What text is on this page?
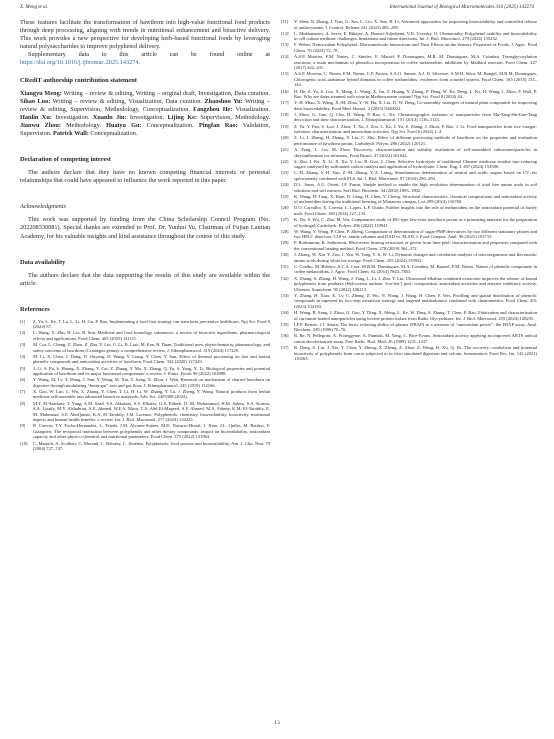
X. Meng et al.	International Journal of Biological Macromolecules 310 (2025) 143274

These features facilitate the transformation of hawthorn into high-value functional food products through deep processing, aligning with trends in nutritional enhancement and bioactive delivery. This work provides a new perspective for developing herb-based functional foods by leveraging natural polysaccharides to improve polyphenol delivery.

Supplementary data to this article can be found online at https://doi.org/10.1016/j.ijbiomac.2025.143274.

CRediT authorship contribution statement

Xiangyu Meng: Writing – review & editing, Writing – original draft, Investigation, Data curation. Sihao Luo: Writing – review & editing, Visualization, Data curation. Zhaoshuo Yu: Writing – review & editing, Supervision, Methodology, Conceptualization. Fangzhou He: Visualization. Hanlin Xu: Investigation. Xuanlu Jin: Investigation. Lijing Ke: Supervision, Methodology. Jianwu Zhou: Methodology. Huaiyu Gu: Conceptualization. Pingfan Rao: Validation, Supervision. Patrick Wall: Conceptualization.

Declaration of competing interest

The authors declare that they have no known competing financial interests or personal relationships that could have appeared to influence the work reported in this paper.

Acknowledgments

This work was supported by funding from the China Scholarship Council Program (No. 202208330081). Special thanks are extended to Prof. Dr. Yunhui Yu, Chairman of Fujian Lantian Academy, for his valuable insights and kind assistance throughout the course of this study.

Data availability

The authors declare that the data supporting the results of this study are available within the article.

References
[1]	Z. Yu, L. Ke, T. Lu, L. Li, H. Gu, P. Rao, Implementing a food first strategy can transform preventive healthcare, Npj Sci. Food 8 (2024) 57.
[2]	L. Wang, X. Zhu, H. Liu, B. Sun, Medicine and food homology substances: a review of bioactive ingredients, pharmacological effects and applications, Food Chem. 463 (2025) 141111.
[3]	M. Cui, L. Cheng, Z. Zhou, Z. Zhu, Y. Liu, C. Li, B. Liao, M. Fan, B. Duan, Traditional uses, phytochemistry, pharmacology, and safety concerns of hawthorn (Crataegus genus): a comprehensive review, J. Ethnopharmacol. 319 (2024) 117229.
[4]	M. Li, X. Chen, J. Deng, D. Ouyang, D. Wang, Y. Liang, Y. Chen, Y. Sun, Effect of thermal processing on free and bound phenolic compounds and antioxidant activities of hawthorn, Food Chem. 332 (2020) 127429.
[5]	J. Li, S. Pu, S. Huang, X. Zhang, Y. Cai, Z. Zhang, Y. Ma, X. Zhang, Q. Yu, S. Yang, X. Li, Biological properties and potential application of hawthorn and its major functional components: a review, J. Funct. Foods 90 (2022) 104988.
[6]	Y. Wang, M. Lv, T. Wang, J. Sun, Y. Wang, M. Xia, Y. Jiang, X. Zhou, J. Wan, Research on mechanism of charred hawthorn on digestive through modulating “brain-gut” axis and gut flora, J. Ethnopharmacol. 245 (2019) 112166.
[7]	X. Gao, W. Luo, L. Wu, X. Zhang, Y. Chen, T. Li, H. Li, W. Zhang, Y. Lu, J. Zheng, Y. Wang, Natural products from herbal medicine self-assemble into advanced bioactive materials, Adv. Sci. 2403388 (2024).
[8]	M.T. El-Saadony, T. Yang, A.M. Saad, S.S. Alkafaas, S.S. Elkafas, G.S. Eldeeb, D. M. Mohammed, H.M. Salem, S.A. Korma, S.A. Loutfy, M.Y. Alshahran, A.E. Ahmed, W.F.A. Mosa, T.A. Abd El-Mageed, A.F. Ahmed, M.A. Fahmy, K.M. El-Tarabily, E. M. Mahmoud, S.F. AbuQamar, K.A. El-Tarabily, J.M. Lorenzo, Polyphenols: chemistry, bioavailability, bioactivity, nutritional aspects and human health benefits: a review, Int. J. Biol. Macromol. 277 (2024) 134223.
[9]	B. Cuevas, T.Y. Fochs-Hernandez, L. Tejeda, J.M. Álvarez-Suárez, M.D. Navarro-Hortal, J. Xiao, J.L. Quiles, M. Battino, F. Giampieri, The reciprocal interaction between polyphenols and other dietary compounds: impact on bioavailability, antioxidant capacity and other physico-chemical and nutritional parameters, Food Chem. 375 (2022) 131904.
[10]	C. Manach, A. Scalbert, C. Morand, C. Rémésy, L. Jiménez, Polyphenols: food sources and bioavailability, Am. J. Clin. Nutr. 79 (2004) 727–747.
[11]	Y. Shen, N. Zhang, J. Tian, G. Xin, L. Liu, X. Sun, B. Li, Advanced approaches for improving bioavailability and controlled release of anthocyanins, J. Control. Release 341 (2022) 285–299.
[12]	L. Mukhametov, A. Sezer, E. Bikajee, A. Hounsi-Adjedjemi, V.N. Uversky, O. Olumuoniby, Polyphenol stability and bioavailability in cell culture medium: challenges, limitations and future directions, Int. J. Biol. Macromol. 279 (2024) 135232.
[13]	F. Weber, Noncovalent Polyphenol–Macromolecule Interactions and Their Effects on the Sensory Properties of Foods, J. Agric. Food Chem. 70 (2022) 72–78.
[14]	A.S.P. Moreira, F.M. Nunes, C. Simões, E. Maciel, P. Domingues, M.R. M. Domingues, M.A. Coimbra, Transglycosylation reactions, a main mechanism of phenolics incorporation in coffee melanoidins: inhibition by Maillard reaction, Food Chem. 227 (2017) 422–431.
[15]	A.S.P. Moreira, C. Nunes, F.M. Nunes, C.P. Passos, S.A.O. Santos, A.J. D. Silvestre, A.M.H. Silva, M. Rangel, M.R.M. Domingues, Chlorogenic acid–arabinose hybrid domains in coffee melanoidins: evidences from a model system, Food Chem. 185 (2015) 135–144.
[16]	H. He, Z. Yu, S. Luo, X. Meng, L. Wang, X. Jin, Z. Huang, Y. Zhang, P. Deng, W. Ke, Deng, L. Ke, H. Wang, J. Zhou, P. Wall, P. Rao, Why are dates steamed with wine in Mediterranean cuisine? Npj Sci. Food 8 (2024) 44.
[17]	Y.-H. Miao, X. Wang, X.-M. Zhao, Y.-W. Hu, X. Liu, D.-W. Deng, Co-assembly strategies of natural plant compounds for improving their bioavailability, Food Med. Homol. 2 (2025) 9420022.
[18]	J. Zhou, G. Gao, Q. Chu, H. Wang, P. Rao, L. Ke, Chromatographic isolation of nanoparticles from Ma-Xing-Shi-Gan-Tang decoction and their characterization, J. Ethnopharmacol. 151 (2014) 1116–1123.
[19]	Z. Yu, Y. Fan, S. Luo, J. Zhou, T. Xu, J. Zou, L. Ke, J. Yu, S. Zhang, J. Zhou, P. Rao, J. Li, Food nanoparticles from rice vinegar: isolation, characterization, and antioxidant activities, Npj Sci. Food 6 (2022) 1–4.
[20]	Z. Li, J. Zhang, H. Zhang, Y. Liu, C. Zhu, Effect of different processing methods of hawthorn on the properties and evaluation performance of hawthorn pectin, Carbohydr. Polym. 286 (2022) 120121.
[21]	A. Feng, L. Lin, M. Zhou, Discovery, characterization and stability evaluation of self-assembled cubosomes/particles in chrysanthemum tea infusions, Food Biosci. 47 (2022) 101642.
[22]	S. Zhu, J. Ke, X. Li, X. Xu, Y. Liu, B. Guo, J. Chen, Selective hydrolysis of traditional Chinese medicine residue into reducing sugars catalysed by sulfonated carbon catalyst and application of hydrolysate, Chem. Eng. J. 497 (2024) 154586.
[23]	C.-H. Zhang, Y.-H. Yun, Z.-M. Zhang, Y.-Z. Liang, Simultaneous determination of neutral and acidic sugars based on UV–vis spectrometry combined with PLS, Int. J. Biol. Macromol. 87 (2016) 290–294.
[24]	D.L. Jones, A.G. Owen, J.F. Farrar, Simple method to enable the high resolution determination of total free amino acids in soil solutions and soil extracts, Soil Biol. Biochem. 34 (2002) 1893–1902.
[25]	K. Wang, H. Tang, X. Bian, D. Geng, H. Chen, Y. Cheng, Structural characteristics, chemical compositions and antioxidant activity of melanoidins during the traditional brewing of Monascus vinegar, Lwt 209 (2024) 116760.
[26]	D.O. Carvalho, E. Correia, L. Lopes, L.F. Guido, Further insights into the role of melanoidins on the antioxidant potential of barley malt, Food Chem. 160 (2014) 127–133.
[27]	K. Du, S. Wu, C. Zhu, M. Wu, Comparative study of HG-type low-ester hawthorn pectin as a promising material for the preparation of hydrogel, Carbohydr. Polym. 296 (2022) 119941.
[28]	W. Wang, Y. Wang, P. Chen, F. Zheng, Comparison of determination of sugar-PMP derivatives by two different stationary phases and two HPLC detectors: C18 vs. amide columns and DAD vs. ELSD, J. Food Compos. Anal. 96 (2021) 103715.
[29]	P. Rodsamran, R. Sothornvit, Microwave heating extraction of pectin from lime peel: characterization and properties compared with the conventional heating method, Food Chem. 278 (2019) 364–372.
[30]	J. Zhang, W. Xin, Y. Zou, J. Yan, W. Tang, Y. Ji, W. Li, Dynamic changes and correlation analysis of microorganisms and flavonoids/ amino acids during white tea storage, Food Chem. 455 (2024) 139932.
[31]	C. Coelho, M. Ribeiro, A.C.S. Cruz, M.R.M. Domingues, M.A. Coimbra, M. Bunzel, F.M. Nunes, Nature of phenolic compounds in coffee melanoidins, J. Agric. Food Chem. 62 (2014) 7843–7853.
[32]	X. Zhang, S. Zhang, H. Wang, J. Yang, L. Li, J. Zhu, Y. Liu, Ultrasound-alkaline combined extraction improves the release of bound polyphenols from pitahaya (Hylocereus undatus ‘foo-lon’) peel: composition, antioxidant activities and enzyme inhibitory activity, Ultrason. Sonochem. 90 (2022) 106213.
[33]	Y. Zhang, H. Xiao, X. Lv, C. Zheng, Z. Wu, N. Wang, J. Wang, H. Chen, F. Wei, Profiling and spatial distribution of phenolic compounds in rapeseed by two-step extraction strategy and targeted metabolomics combined with chemometrics, Food Chem. 401 (2023) 134193.
[34]	H. Wang, B. Song, J. Zhou, G. Guo, Y. Ding, X. Meng, L. Ke, W. Ding, S. Zhang, T. Chen, P. Rao, Fabrication and characterization of curcumin-loaded nanoparticles using bovine protein isolate from Radix Glycyrrhizae, Int. J. Biol. Macromol. 255 (2024) 128235.
[35]	I.F.F. Benzie, J.J. Strain, The ferric reducing ability of plasma (FRAP) as a measure of “antioxidant power”: the FRAP assay, Anal. Biochem. 239 (1996) 70–76.
[36]	R. Re, N. Pellegrini, A. Proteggente, A. Pannala, M. Yang, C. Rice-Evans, Antioxidant activity applying an improved ABTS radical cation decolorization assay, Free Radic. Biol. Med. 26 (1999) 1231–1237.
[37]	R. Deng, S. Liu, J. Xie, Y. Chen, Y. Zheng, X. Zheng, Z. Zhao, Z. Wang, H. Xu, Q. Yu, The recovery, catabolism and potential bioactivity of polyphenols from carrot subjected to in vitro simulated digestion and colonic fermentation, Food Res. Int. 143 (2021) 110263.
13
